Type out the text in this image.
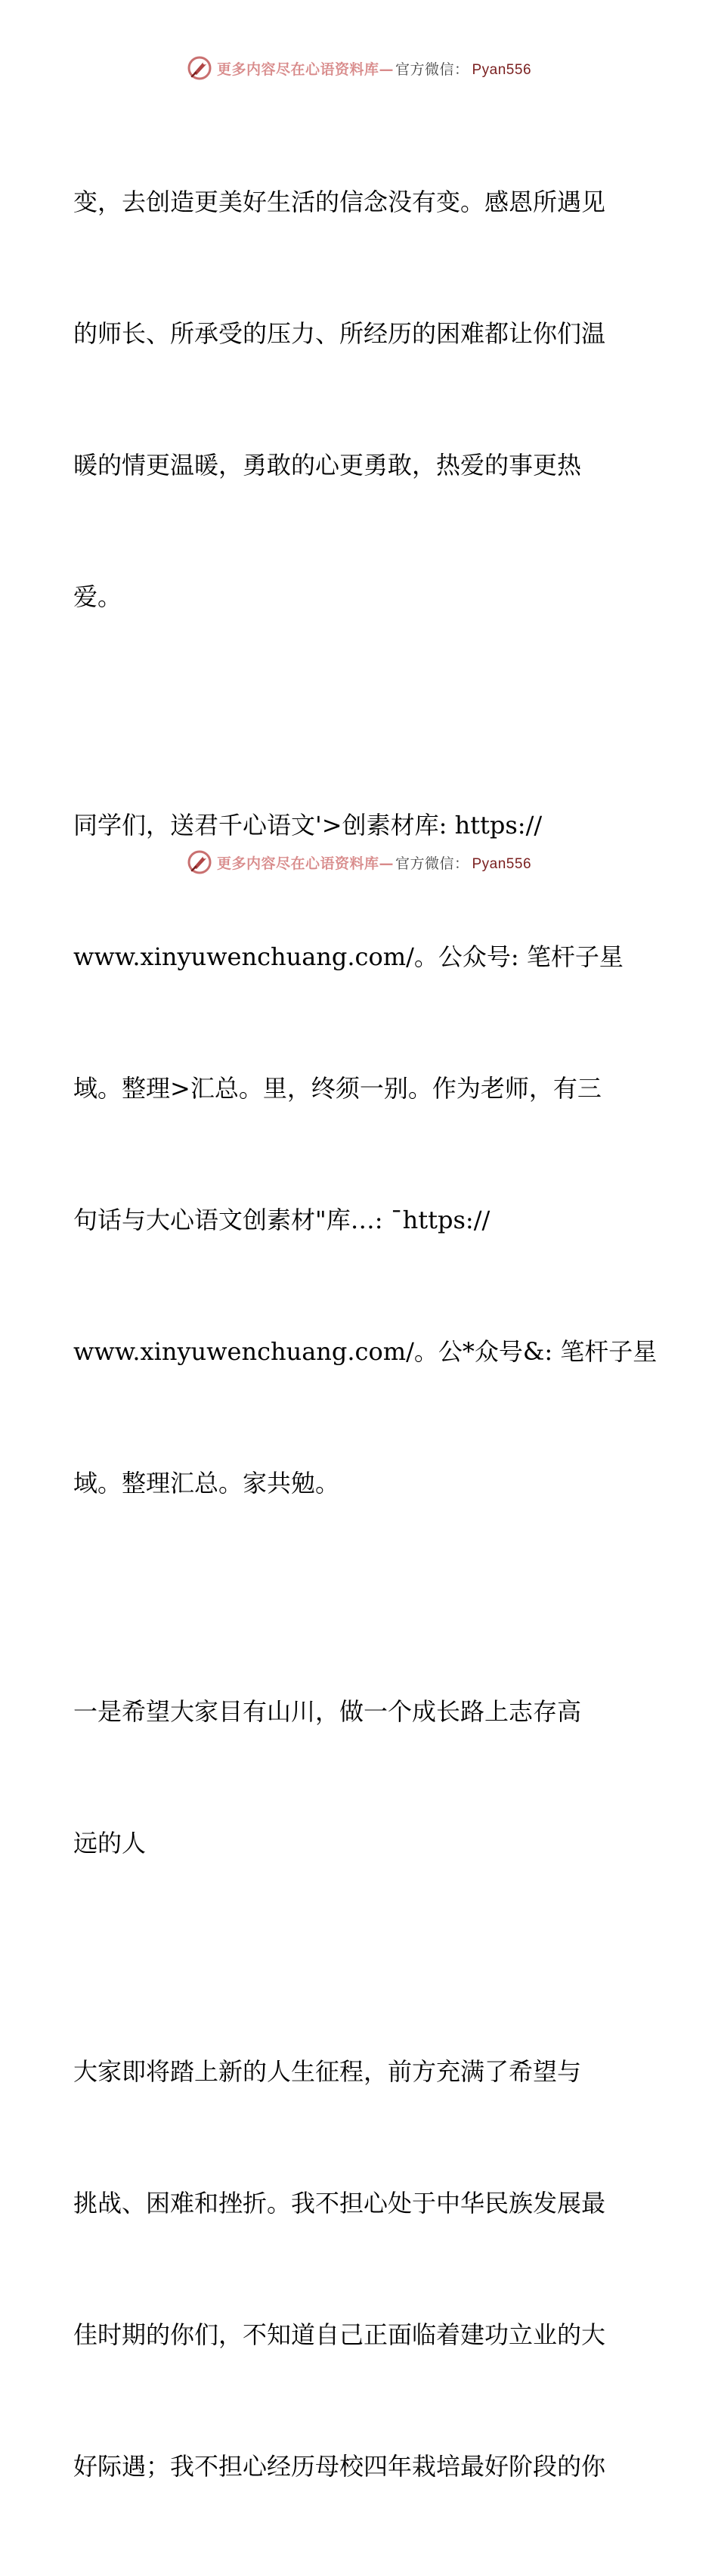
更多内容尽在心语资料库— 官方微信： Pyan556

变，去创造更美好生活的信念没有变。感恩所遇见

的师长、所承受的压力、所经历的困难都让你们温

暖的情更温暖，勇敢的心更勇敢，热爱的事更热

爱。

同学们，送君千心语文'>创素材库: https://

www.xinyuwenchuang.com/。公众号: 笔杆子星

域。整理>汇总。里，终须一别。作为老师，有三

句话与大心语文创素材"库…: ¯https://

www.xinyuwenchuang.com/。公*众号&: 笔杆子星

域。整理汇总。家共勉。

一是希望大家目有山川，做一个成长路上志存高

远的人

大家即将踏上新的人生征程，前方充满了希望与

挑战、困难和挫折。我不担心处于中华民族发展最

佳时期的你们，不知道自己正面临着建功立业的大

好际遇；我不担心经历母校四年栽培最好阶段的你

更多内容尽在心语资料库— 官方微信： Pyan556
